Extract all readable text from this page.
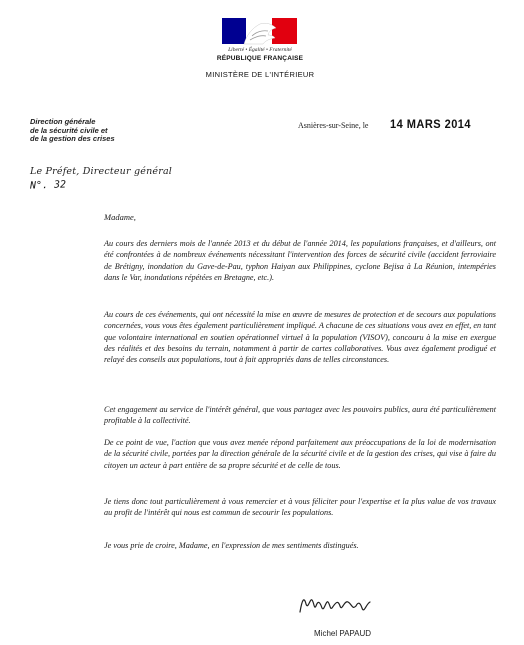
Liberté • Égalité • Fraternité
RÉPUBLIQUE FRANÇAISE
MINISTÈRE DE L'INTÉRIEUR
Direction générale
de la sécurité civile et
de la gestion des crises
Asnières-sur-Seine, le 14 MARS 2014
Le Préfet, Directeur général
N°. 32
Madame,
Au cours des derniers mois de l'année 2013 et du début de l'année 2014, les populations françaises, et d'ailleurs, ont été confrontées à de nombreux événements nécessitant l'intervention des forces de sécurité civile (accident ferroviaire de Brétigny, inondation du Gave-de-Pau, typhon Haiyan aux Philippines, cyclone Bejisa à La Réunion, intempéries dans le Var, inondations répétées en Bretagne, etc.).
Au cours de ces événements, qui ont nécessité la mise en œuvre de mesures de protection et de secours aux populations concernées, vous vous êtes également particulièrement impliqué. A chacune de ces situations vous avez en effet, en tant que volontaire international en soutien opérationnel virtuel à la population (VISOV), concouru à la mise en exergue des réalités et des besoins du terrain, notamment à partir de cartes collaboratives. Vous avez également prodigué et relayé des conseils aux populations, tout à fait appropriés dans de telles circonstances.
Cet engagement au service de l'intérêt général, que vous partagez avec les pouvoirs publics, aura été particulièrement profitable à la collectivité.
De ce point de vue, l'action que vous avez menée répond parfaitement aux préoccupations de la loi de modernisation de la sécurité civile, portées par la direction générale de la sécurité civile et de la gestion des crises, qui vise à faire du citoyen un acteur à part entière de sa propre sécurité et de celle de tous.
Je tiens donc tout particulièrement à vous remercier et à vous féliciter pour l'expertise et la plus value de vos travaux au profit de l'intérêt qui nous est commun de secourir les populations.
Je vous prie de croire, Madame, en l'expression de mes sentiments distingués.
Michel PAPAUD
